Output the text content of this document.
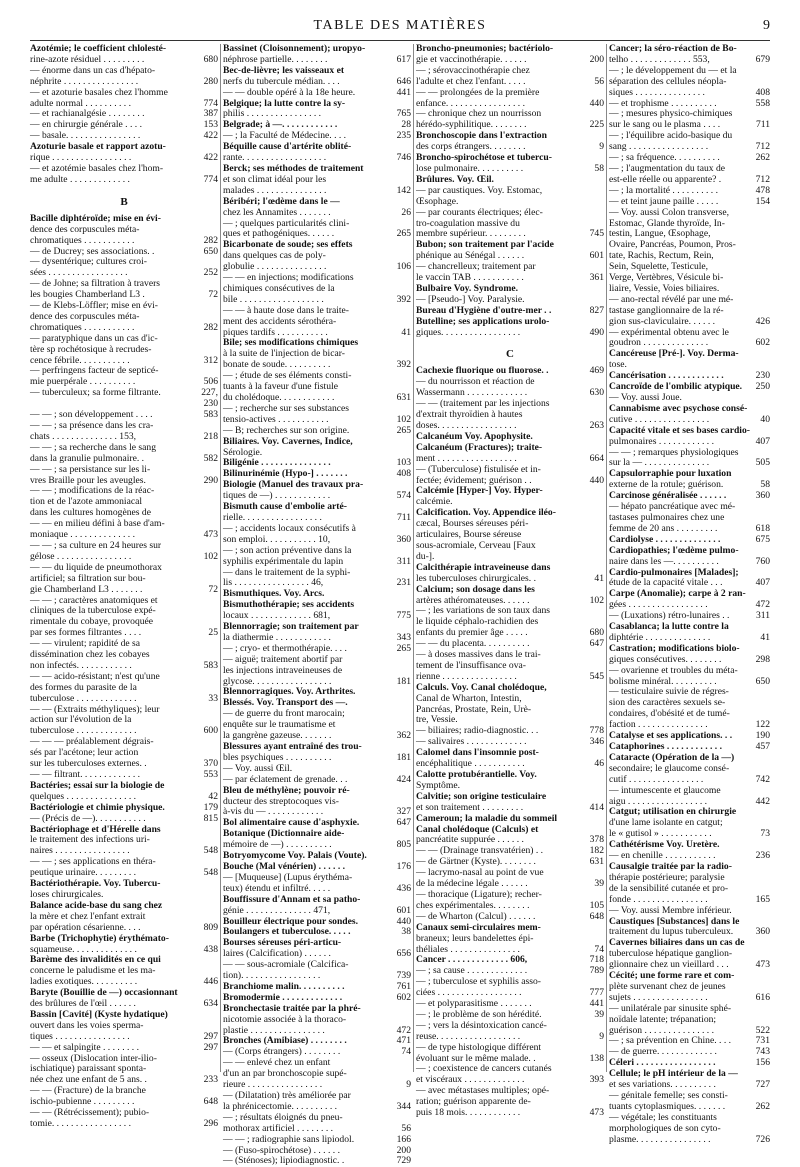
TABLE DES MATIÈRES	9
Azotémie; le coefficient chlolesté-
rine-azote résiduel . . . . . . . . .	680
— énorme dans un cas d'hépato-
néphrite . . . . . . . . . . . . . . . .	280
— et azoturie basales chez l'homme
adulte normal . . . . . . . . . .	774
— et rachianalgésie . . . . . . . .	387
— en chirurgie générale . . . .	153
— basale. . . . . . . . . . . . . . . .	422
Azoturie basale et rapport azotu-
rique . . . . . . . . . . . . . . . . .	422
— et azotémie basales chez l'hom-
me adulte . . . . . . . . . . . . .	774
B
Bacille diphtéroïde; mise en évi-
dence des corpuscules méta-
chromatiques . . . . . . . . . . .	282
— de Ducrey; ses associations. .	650
— dysentérique; cultures croi-
sées . . . . . . . . . . . . . . . . .	252
— de Johne; sa filtration à travers
les bougies Chamberland L3 .	72
— de Klebs-Löffler; mise en évi-
dence des corpuscules méta-
chromatiques . . . . . . . . . . .	282
— paratyphique dans un cas d'ic-
tère sp rochétosique à recrudes-
cence fébrile. . . . . . . . . . .	312
— perfringens facteur de septicé-
mie puerpérale . . . . . . . . . .	506
— tuberculeux; sa forme filtrante.	227,
230
— — ; son développement . . . .	583
— — ; sa présence dans les cra-
chats . . . . . . . . . . . . . . 153,	218
— — ; sa recherche dans le sang
dans la granulie pulmonaire. .	582
— — ; sa persistance sur les li-
vres Braille pour les aveugles.	290
— — ; modifications de la réac-
tion et de l'azote ammoniacal
dans les cultures homogènes de
— — en milieu défini à base d'am-
moniaque . . . . . . . . . . . . . .	473
— — ; sa culture en 24 heures sur
gélose . . . . . . . . . . . . . . . .	102
— — du liquide de pneumothorax
artificiel; sa filtration sur bou-
gie Chamberland L3 . . . . . . .	72
— — ; caractères anatomiques et
cliniques de la tuberculose expé-
rimentale du cobaye, provoquée
par ses formes filtrantes . . . .	25
— — virulent; rapidité de sa
dissémination chez les cobayes
non infectés. . . . . . . . . . . .	583
— — acido-résistant; n'est qu'une
des formes du parasite de la
tuberculose . . . . . . . . . . . . .	33
— — (Extraits méthyliques); leur
action sur l'évolution de la
tuberculose . . . . . . . . . . . . .	600
— — — préalablement dégrais-
sés par l'acétone; leur action
sur les tuberculoses externes. .	370
— — filtrant. . . . . . . . . . . . .	553
Bactéries; essai sur la biologie de
quelques . . . . . . . . . . . . . . .	42
Bactériologie et chimie physique.	179
— (Précis de —). . . . . . . . . . .	815
Bactériophage et d'Hérelle dans
le traitement des infections uri-
naires . . . . . . . . . . . . . . . .	548
— — ; ses applications en théra-
peutique urinaire. . . . . . . . .	548
Bactériothérapie. Voy. Tubercu-
loses chirurgicales.
Balance acide-base du sang chez
la mère et chez l'enfant extrait
par opération césarienne. . . .	809
Barbe (Trichophytie) érythémato-
squameuse. . . . . . . . . . . . . .	438
Barème des invalidités en ce qui
concerne le paludisme et les ma-
ladies exotiques. . . . . . . . . .	446
Baryte (Bouillie de —) occasionnant
des brûlures de l'œil . . . . . .	634
Bassin [Cavité] (Kyste hydatique)
ouvert dans les voies sperma-
tiques . . . . . . . . . . . . . . . .	297
— — et salpingite . . . . . . . .	297
— osseux (Dislocation inter-ilio-
ischiatique) paraissant sponta-
née chez une enfant de 5 ans. .	233
— — (Fracture) de la branche
ischio-pubienne . . . . . . . . .	648
— — (Rétrécissement); pubio-
tomie. . . . . . . . . . . . . . . . .	296
Bassinet (Cloisonnement); uropyo-
néphrose partielle. . . . . . . .	617
Bec-de-lièvre; les vaisseaux et
nerfs du tubercule médian. . . .	646
— — double opéré à la 18e heure.	441
Belgique; la lutte contre la sy-
philis . . . . . . . . . . . . . . . .	765
Belgrade; à —. . . . . . . . . . . .	28
— ; la Faculté de Médecine. . . .	235
Béquille cause d'artérite oblité-
rante. . . . . . . . . . . . . . . . . .	746
Berck; ses méthodes de traitement
et son climat idéal pour les
malades . . . . . . . . . . . . . . .	142
Béribéri; l'œdème dans le —
chez les Annamites . . . . . . .	26
— ; quelques particularités clini-
ques et pathogéniques. . . . . .	265
Bicarbonate de soude; ses effets
dans quelques cas de poly-
globulie . . . . . . . . . . . . . . .	106
— — en injections; modifications
chimiques consécutives de la
bile . . . . . . . . . . . . . . . . . .	392
— — à haute dose dans le traite-
ment des accidents sérothéra-
piques tardifs . . . . . . . . . . .	41
Bile; ses modifications chimiques
à la suite de l'injection de bicar-
bonate de soude. . . . . . . . . .	392
— ; étude de ses éléments consti-
tuants à la faveur d'une fistule
du cholédoque. . . . . . . . . . . .	631
— ; recherche sur ses substances
tensio-actives . . . . . . . . . . .	102
— B; recherches sur son origine.	265
Biliaires. Voy. Cavernes, Indice,
Sérologie.
Biligénie . . . . . . . . . . . . . . .	103
Bilinurinémie (Hypo-] . . . . . . .	408
Biologie (Manuel des travaux pra-
tiques de —) . . . . . . . . . . . .	574
Bismuth cause d'embolie arté-
rielle. . . . . . . . . . . . . . . . .	711
— ; accidents locaux consécutifs à
son emploi. . . . . . . . . . . 10,	360
— ; son action préventive dans la
syphilis expérimentale du lapin	311
— dans le traitement de la syphi-
lis . . . . . . . . . . . . . . . . 46,	231
Bismuthiques. Voy. Arcs.
Bismuthothérapie; ses accidents
locaux . . . . . . . . . . . . . 681,	775
Blennorragie; son traitement par
la diathermie . . . . . . . . . . . .	343
— ; cryo- et thermothérapie. . . .	265
— aiguë; traitement abortif par
les injections intraveineuses de
glycose. . . . . . . . . . . . . . . . .	181
Blennorragiques. Voy. Arthrites.
Blessés. Voy. Transport des —.
— de guerre du front marocain;
enquête sur le traumatisme et
la gangrène gazeuse. . . . . . .	362
Blessures ayant entraîné des trou-
bles psychiques . . . . . . . . . .	181
— Voy. aussi Œil.
— par éclatement de grenade. . .	424
Bleu de méthylène; pouvoir ré-
ducteur des streptocoques vis-
à-vis du — . . . . . . . . . . . .	327
Bol alimentaire cause d'asphyxie.	647
Botanique (Dictionnaire aide-
mémoire de —) . . . . . . . . . .	805
Botryomycome Voy. Palais (Voute).
Bouche (Mal vénérien) . . . . . .	176
— [Muqueuse] (Lupus érythéma-
teux) étendu et infiltré. . . . .	436
Bouffissure d'Annam et sa patho-
génie . . . . . . . . . . . . . . 471,	601
Bouilleur électrique pour sondes.	440
Boulangers et tuberculose. . . . .	38
Bourses séreuses péri-articu-
laires (Calcification) . . . . . .	656
— — sous-acromiale (Calcifica-
tion). . . . . . . . . . . . . . . . .	739
Branchiome malin. . . . . . . . . .	761
Bromodermie . . . . . . . . . . . . .	602
Bronchectasie traitée par la phré-
nicotomie associée à la thoraco-
plastie . . . . . . . . . . . . . . . .	472
Bronches (Amibiase) . . . . . . . .	471
— (Corps étrangers) . . . . . . . .	74
— — enlevé chez un enfant
d'un an par bronchoscopie supé-
rieure . . . . . . . . . . . . . . . .	9
— (Dilatation) très améliorée par
la phrénicectomie. . . . . . . . . .	344
— ; résultats éloignés du pneu-
mothorax artificiel . . . . . . . .	56
— — ; radiographie sans lipiodol.	166
— (Fuso-spirochétose) . . . . . .	200
— (Sténoses); lipiodiagnostic. .	729
Broncho-pneumonies; bactériolo-
gie et vaccinothérapie. . . . . .	200
— ; sérovaccinothérapie chez
l'adulte et chez l'enfant. . . . .	56
— — prolongées de la première
enfance. . . . . . . . . . . . . . . . .	440
— chronique chez un nourrisson
hérédo-syphilitique. . . . . . . .	225
Bronchoscopie dans l'extraction
des corps étrangers. . . . . . . .	9
Broncho-spirochétose et tubercu-
lose pulmonaire. . . . . . . . . .	58
Brûlures. Voy. Œil.
— par caustiques. Voy. Estomac,
Œsophage.
— par courants électriques; élec-
tro-coagulation massive du
membre supérieur. . . . . . . . .	745
Bubon; son traitement par l'acide
phénique au Sénégal . . . . . .	601
— chancrelleux; traitement par
le vaccin TAB . . . . . . . . . . .	361
Bulbaire Voy. Syndrome.
— [Pseudo-] Voy. Paralysie.
Bureau d'Hygiène d'outre-mer . .	827
Butelline; ses applications urolo-
giques. . . . . . . . . . . . . . . . .	490
C
Cachexie fluorique ou fluorose. .	469
— du nourrisson et réaction de
Wassermann . . . . . . . . . . . . .	630
— — (traitement par les injections
d'extrait thyroïdien à hautes
doses. . . . . . . . . . . . . . . . .	263
Calcanéum Voy. Apophysite.
Calcanéum (Fractures); traite-
ment . . . . . . . . . . . . . . . . .	664
— (Tuberculose) fistulisée et in-
fectée; évidement; guérison . .	440
Calcémie [Hyper-] Voy. Hyper-
calcémie.
Calcification. Voy. Appendice iléo-
cæcal, Bourses séreuses péri-
articulaires, Bourse séreuse
sous-acromiale, Cerveau [Faux
du-].
Calcithérapie intraveineuse dans
les tuberculoses chirurgicales. .	41
Calcium; son dosage dans les
artères athéromateuses. . . . . .	102
— ; les variations de son taux dans
le liquide céphalo-rachidien des
enfants du premier âge . . . . .	680
— — du placenta. . . . . . . . . .	647
— à doses massives dans le trai-
tement de l'insuffisance ova-
rienne . . . . . . . . . . . . . . . .	545
Calculs. Voy. Canal cholédoque,
Canal de Wharton, Intestin,
Pancréas, Prostate, Rein, Urè-
tre, Vessie.
— biliaires; radio-diagnostic. . .	778
— salivaires . . . . . . . . . . . . .	346
Calomel dans l'insomnie post-
encéphalitique . . . . . . . . . . .	46
Calotte protubérantielle. Voy.
Symptôme.
Calvitie; son origine testiculaire
et son traitement . . . . . . . . .	414
Cameroun; la maladie du sommeil
Canal cholédoque (Calculs) et
pancréatite suppurée . . . . . .	378
— — (Drainage transvatérien) . .	182
— de Gärtner (Kyste). . . . . . . .	631
— lacrymo-nasal au point de vue
de la médecine légale . . . . . .	39
— thoracique (Ligature); recher-
ches expérimentales. . . . . . . .	105
— de Wharton (Calcul) . . . . . .	648
Canaux semi-circulaires mem-
braneux; leurs bandelettes épi-
théliales . . . . . . . . . . . . . . .	74
Cancer . . . . . . . . . . . . . 606,	718
— ; sa cause . . . . . . . . . . . . .	789
— ; tuberculose et syphilis asso-
ciées . . . . . . . . . . . . . . . . . .	777
— et polyparasitisme . . . . . . .	441
— ; le problème de son hérédité.	39
— ; vers la désintoxication cancé-
reuse. . . . . . . . . . . . . . . . . .	9
— de type histologique différent
évoluant sur le même malade. .	138
— ; coexistence de cancers cutanés
et viscéraux . . . . . . . . . . . . .	393
— avec métastases multiples; opé-
ration; guérison apparente de-
puis 18 mois. . . . . . . . . . . .	473
Cancer; la séro-réaction de Bo-
telho . . . . . . . . . . . . . 553,	679
— ; le développement du — et la
séparation des cellules néopla-
siques . . . . . . . . . . . . . . .	408
— et trophisme . . . . . . . . . .	558
— ; mesures physico-chimiques
sur le sang ou le plasma . . . .	711
— ; l'équilibre acido-basique du
sang . . . . . . . . . . . . . . . . .	712
— ; sa fréquence. . . . . . . . . .	262
— ; l'augmentation du taux de
est-elle réelle ou apparente? .	712
— ; la mortalité . . . . . . . . . .	478
— et teint jaune paille . . . . .	154
— Voy. aussi Colon transverse,
Estomac, Glande thyroïde, In-
testin, Langue, Œsophage,
Ovaire, Pancréas, Poumon, Pros-
tate, Rachis, Rectum, Rein,
Sein, Squelette, Testicule,
Verge, Vertèbres, Vésicule bi-
liaire, Vessie, Voies biliaires.
— ano-rectal révélé par une mé-
tastase ganglionnaire de la ré-
gion sus-claviculaire. . . . . .	426
— expérimental obtenu avec le
goudron . . . . . . . . . . . . . .	602
Cancéreuse [Pré-]. Voy. Derma-
tose.
Cancérisation . . . . . . . . . . . .	230
Cancroïde de l'ombilic atypique.	250
— Voy. aussi Joue.
Cannabisme avec psychose consé-
cutive . . . . . . . . . . . . . . . .	40
Capacité vitale et ses bases cardio-
pulmonaires . . . . . . . . . . . .	407
— — ; remarques physiologiques
sur la — . . . . . . . . . . . . . .	505
Capsulorraphie pour luxation
externe de la rotule; guérison.	58
Carcinose généralisée . . . . . .	360
— hépato pancréatique avec mé-
tastases pulmonaires chez une
femme de 20 ans . . . . . . . . .	618
Cardiolyse . . . . . . . . . . . . . .	675
Cardiopathies; l'œdème pulmo-
naire dans les —. . . . . . . . . .	760
Cardio-pulmonaires [Malades];
étude de la capacité vitale . . .	407
Carpe (Anomalie); carpe à 2 ran-
gées . . . . . . . . . . . . . . . . .	472
— (Luxations) rétro-lunaires . .	311
Casablanca; la lutte contre la
diphtérie . . . . . . . . . . . . . .	41
Castration; modifications biolo-
giques consécutives. . . . . . . .	298
— ovarienne et troubles du méta-
bolisme minéral. . . . . . . . . .	650
— testiculaire suivie de régres-
sion des caractères sexuels se-
condaires, d'obésité et de tumé-
faction . . . . . . . . . . . . . . .	122
Catalyse et ses applications. . .	190
Cataphorines . . . . . . . . . . . .	457
Cataracte (Opération de la —)
secondaire; le glaucome consé-
cutif . . . . . . . . . . . . . . . .	742
— intumescente et glaucome
aigu . . . . . . . . . . . . . . . . .	442
Catgut; utilisation en chirurgie
d'une lame isolante en catgut;
le « gutisol » . . . . . . . . . . .	73
Cathétérisme Voy. Uretère.
— en chenille . . . . . . . . . . .	236
Causalgie traitée par la radio-
thérapie postérieure; paralysie
de la sensibilité cutanée et pro-
fonde . . . . . . . . . . . . . . . .	165
— Voy. aussi Membre inférieur.
Caustiques [Substances] dans le
traitement du lupus tuberculeux.	360
Cavernes biliaires dans un cas de
tuberculose hépatique ganglion-
glionnaire chez un vieillard . . .	473
Cécité; une forme rare et com-
plète survenant chez de jeunes
sujets . . . . . . . . . . . . . . . .	616
— unilatérale par sinusite sphé-
noïdale latente; trépanation;
guérison . . . . . . . . . . . . . . .	522
— ; sa prévention en Chine. . . .	731
— de guerre. . . . . . . . . . . . .	743
Céleri . . . . . . . . . . . . . . . . .	156
Cellule; le pH intérieur de la —
et ses variations. . . . . . . . . .	727
— génitale femelle; ses consti-
tuants cytoplasmiques. . . . . . .	262
— végétale; les constituants
morphologiques de son cyto-
plasme. . . . . . . . . . . . . . . .	726
